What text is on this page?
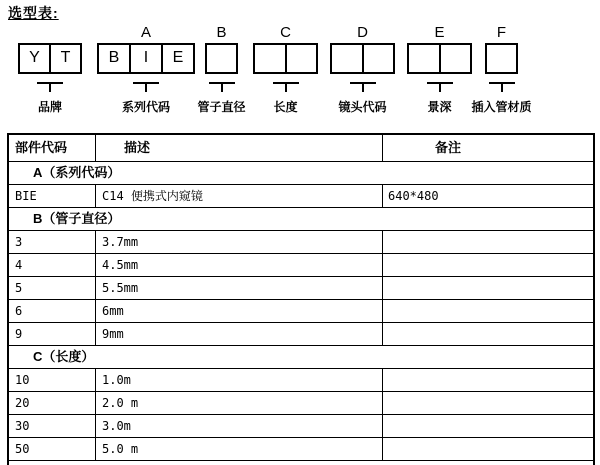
选型表:
Y	T
品牌
A
B	I	E
系列代码
B
管子直径
C
长度
D
镜头代码
E
景深
F
插入管材质
部件代码	描述	备注
A（系列代码）
BIE	C14 便携式内窥镜	640*480
B（管子直径）
3	3.7mm
4	4.5mm
5	5.5mm
6	6mm
9	9mm
C（长度）
10	1.0m
20	2.0 m
30	3.0m
50	5.0 m
